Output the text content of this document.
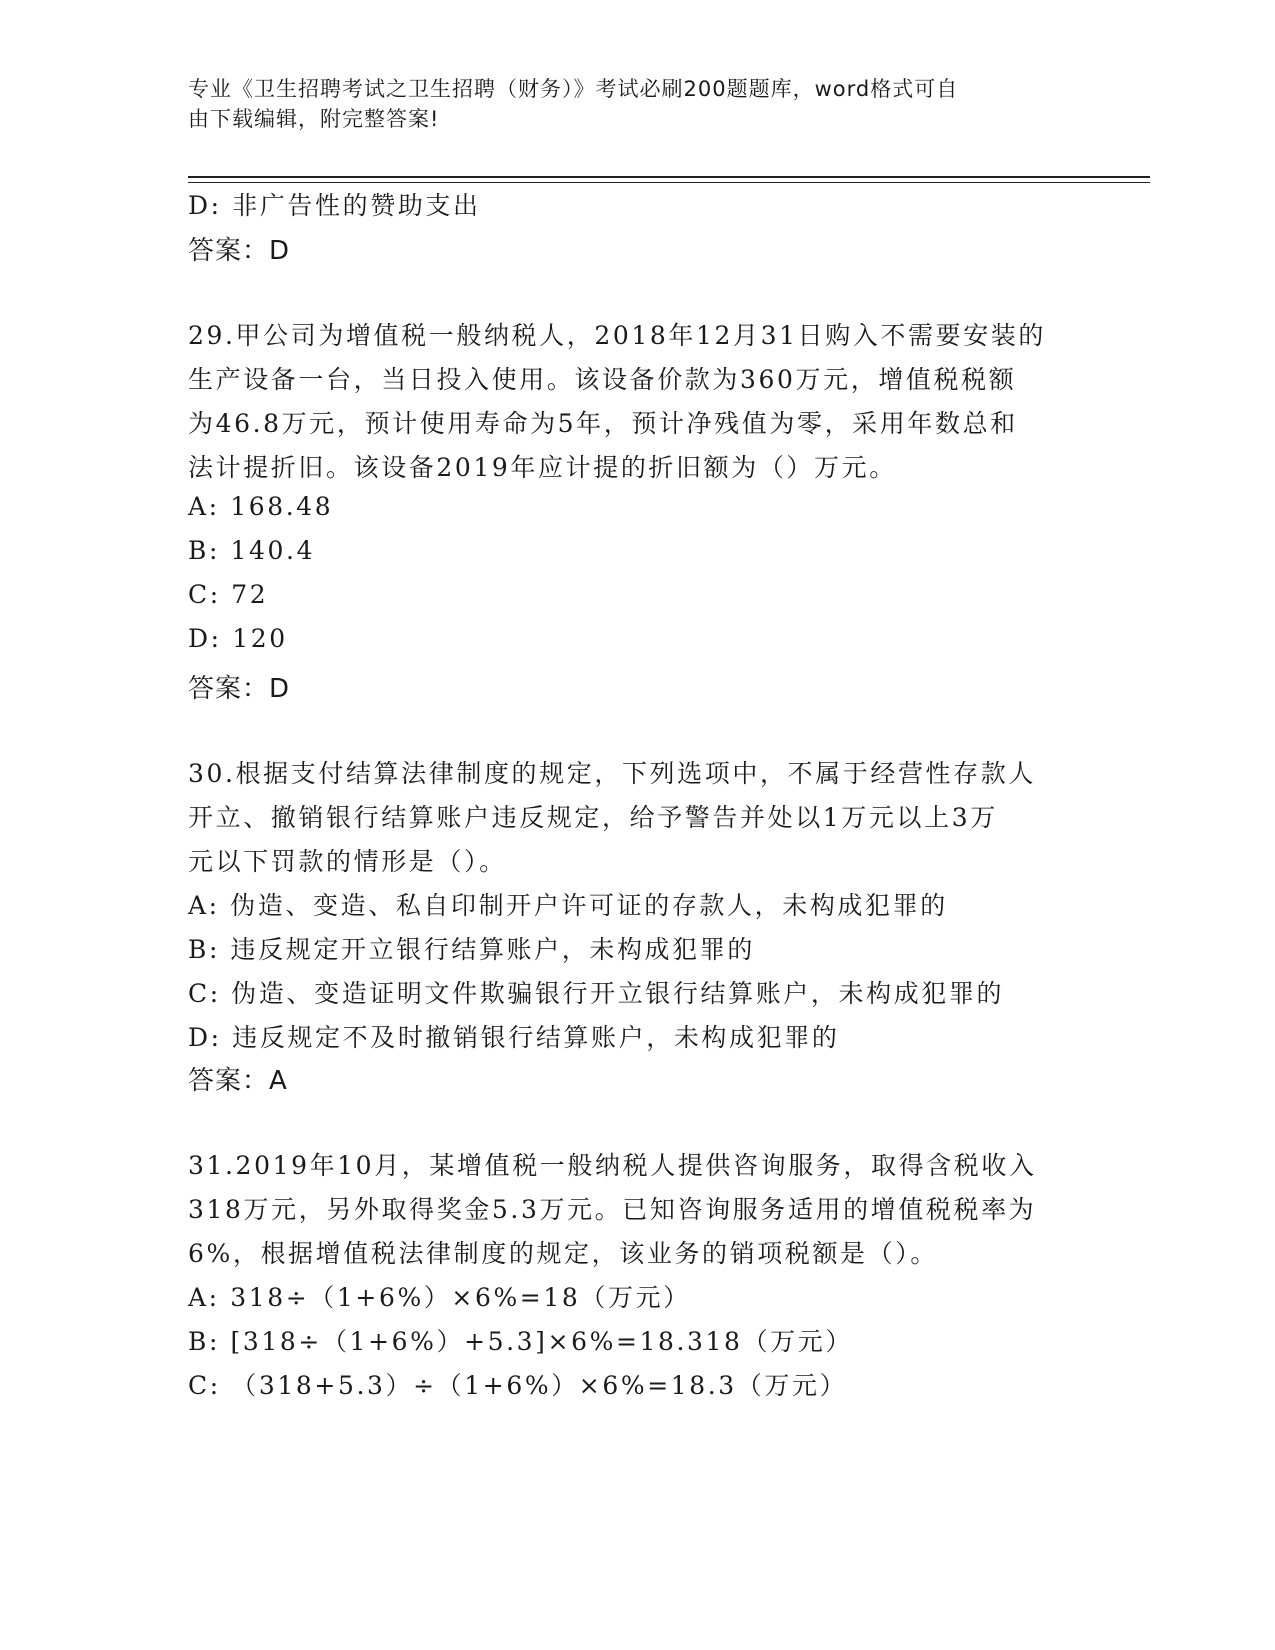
专业《卫生招聘考试之卫生招聘（财务）》考试必刷200题题库，word格式可自
由下载编辑，附完整答案!
D: 非广告性的赞助支出
答案：D
29.甲公司为增值税一般纳税人，2018年12月31日购入不需要安装的
生产设备一台，当日投入使用。该设备价款为360万元，增值税税额
为46.8万元，预计使用寿命为5年，预计净残值为零，采用年数总和
法计提折旧。该设备2019年应计提的折旧额为（）万元。
A: 168.48
B: 140.4
C: 72
D: 120
答案：D
30.根据支付结算法律制度的规定，下列选项中，不属于经营性存款人
开立、撤销银行结算账户违反规定，给予警告并处以1万元以上3万
元以下罚款的情形是（）。
A: 伪造、变造、私自印制开户许可证的存款人，未构成犯罪的
B: 违反规定开立银行结算账户，未构成犯罪的
C: 伪造、变造证明文件欺骗银行开立银行结算账户，未构成犯罪的
D: 违反规定不及时撤销银行结算账户，未构成犯罪的
答案：A
31.2019年10月，某增值税一般纳税人提供咨询服务，取得含税收入
318万元，另外取得奖金5.3万元。已知咨询服务适用的增值税税率为
6%，根据增值税法律制度的规定，该业务的销项税额是（）。
A: 318÷（1+6%）×6%=18（万元）
B: [318÷（1+6%）+5.3]×6%=18.318（万元）
C: （318+5.3）÷（1+6%）×6%=18.3（万元）
